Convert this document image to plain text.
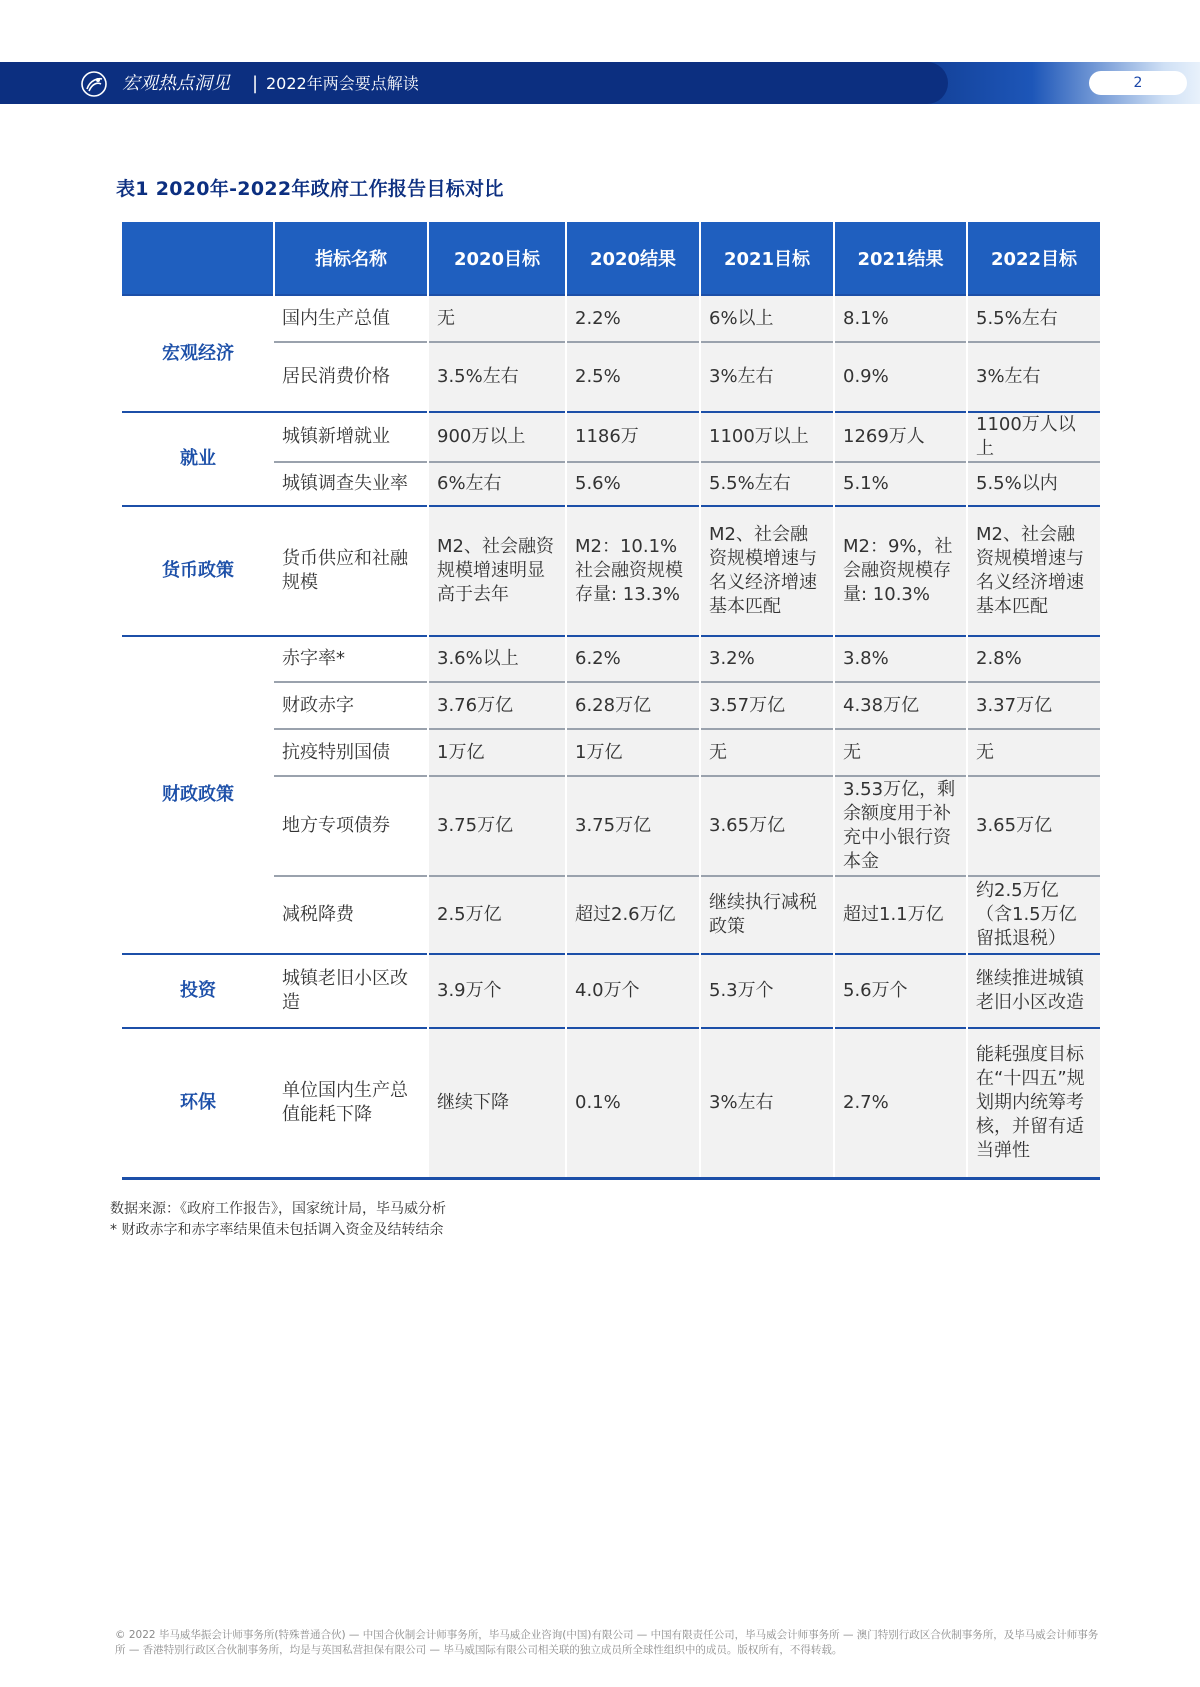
宏观热点洞见 | 2022年两会要点解读	2
表1 2020年-2022年政府工作报告目标对比
	指标名称	2020目标	2020结果	2021目标	2021结果	2022目标
宏观经济	国内生产总值	无	2.2%	6%以上	8.1%	5.5%左右
	居民消费价格	3.5%左右	2.5%	3%左右	0.9%	3%左右
就业	城镇新增就业	900万以上	1186万	1100万以上	1269万人	1100万人以上
	城镇调查失业率	6%左右	5.6%	5.5%左右	5.1%	5.5%以内
货币政策	货币供应和社融规模	M2、社会融资规模增速明显高于去年	M2：10.1%社会融资规模存量: 13.3%	M2、社会融资规模增速与名义经济增速基本匹配	M2：9%，社会融资规模存量: 10.3%	M2、社会融资规模增速与名义经济增速基本匹配
财政政策	赤字率*	3.6%以上	6.2%	3.2%	3.8%	2.8%
	财政赤字	3.76万亿	6.28万亿	3.57万亿	4.38万亿	3.37万亿
	抗疫特别国债	1万亿	1万亿	无	无	无
	地方专项债券	3.75万亿	3.75万亿	3.65万亿	3.53万亿，剩余额度用于补充中小银行资本金	3.65万亿
	减税降费	2.5万亿	超过2.6万亿	继续执行减税政策	超过1.1万亿	约2.5万亿（含1.5万亿留抵退税）
投资	城镇老旧小区改造	3.9万个	4.0万个	5.3万个	5.6万个	继续推进城镇老旧小区改造
环保	单位国内生产总值能耗下降	继续下降	0.1%	3%左右	2.7%	能耗强度目标在“十四五”规划期内统筹考核，并留有适当弹性
数据来源：《政府工作报告》，国家统计局，毕马威分析
* 财政赤字和赤字率结果值未包括调入资金及结转结余
© 2022 毕马威华振会计师事务所(特殊普通合伙) — 中国合伙制会计师事务所，毕马威企业咨询(中国)有限公司 — 中国有限责任公司，毕马威会计师事务所 — 澳门特别行政区合伙制事务所，及毕马威会计师事务所 — 香港特别行政区合伙制事务所，均是与英国私营担保有限公司 — 毕马威国际有限公司相关联的独立成员所全球性组织中的成员。版权所有，不得转载。
